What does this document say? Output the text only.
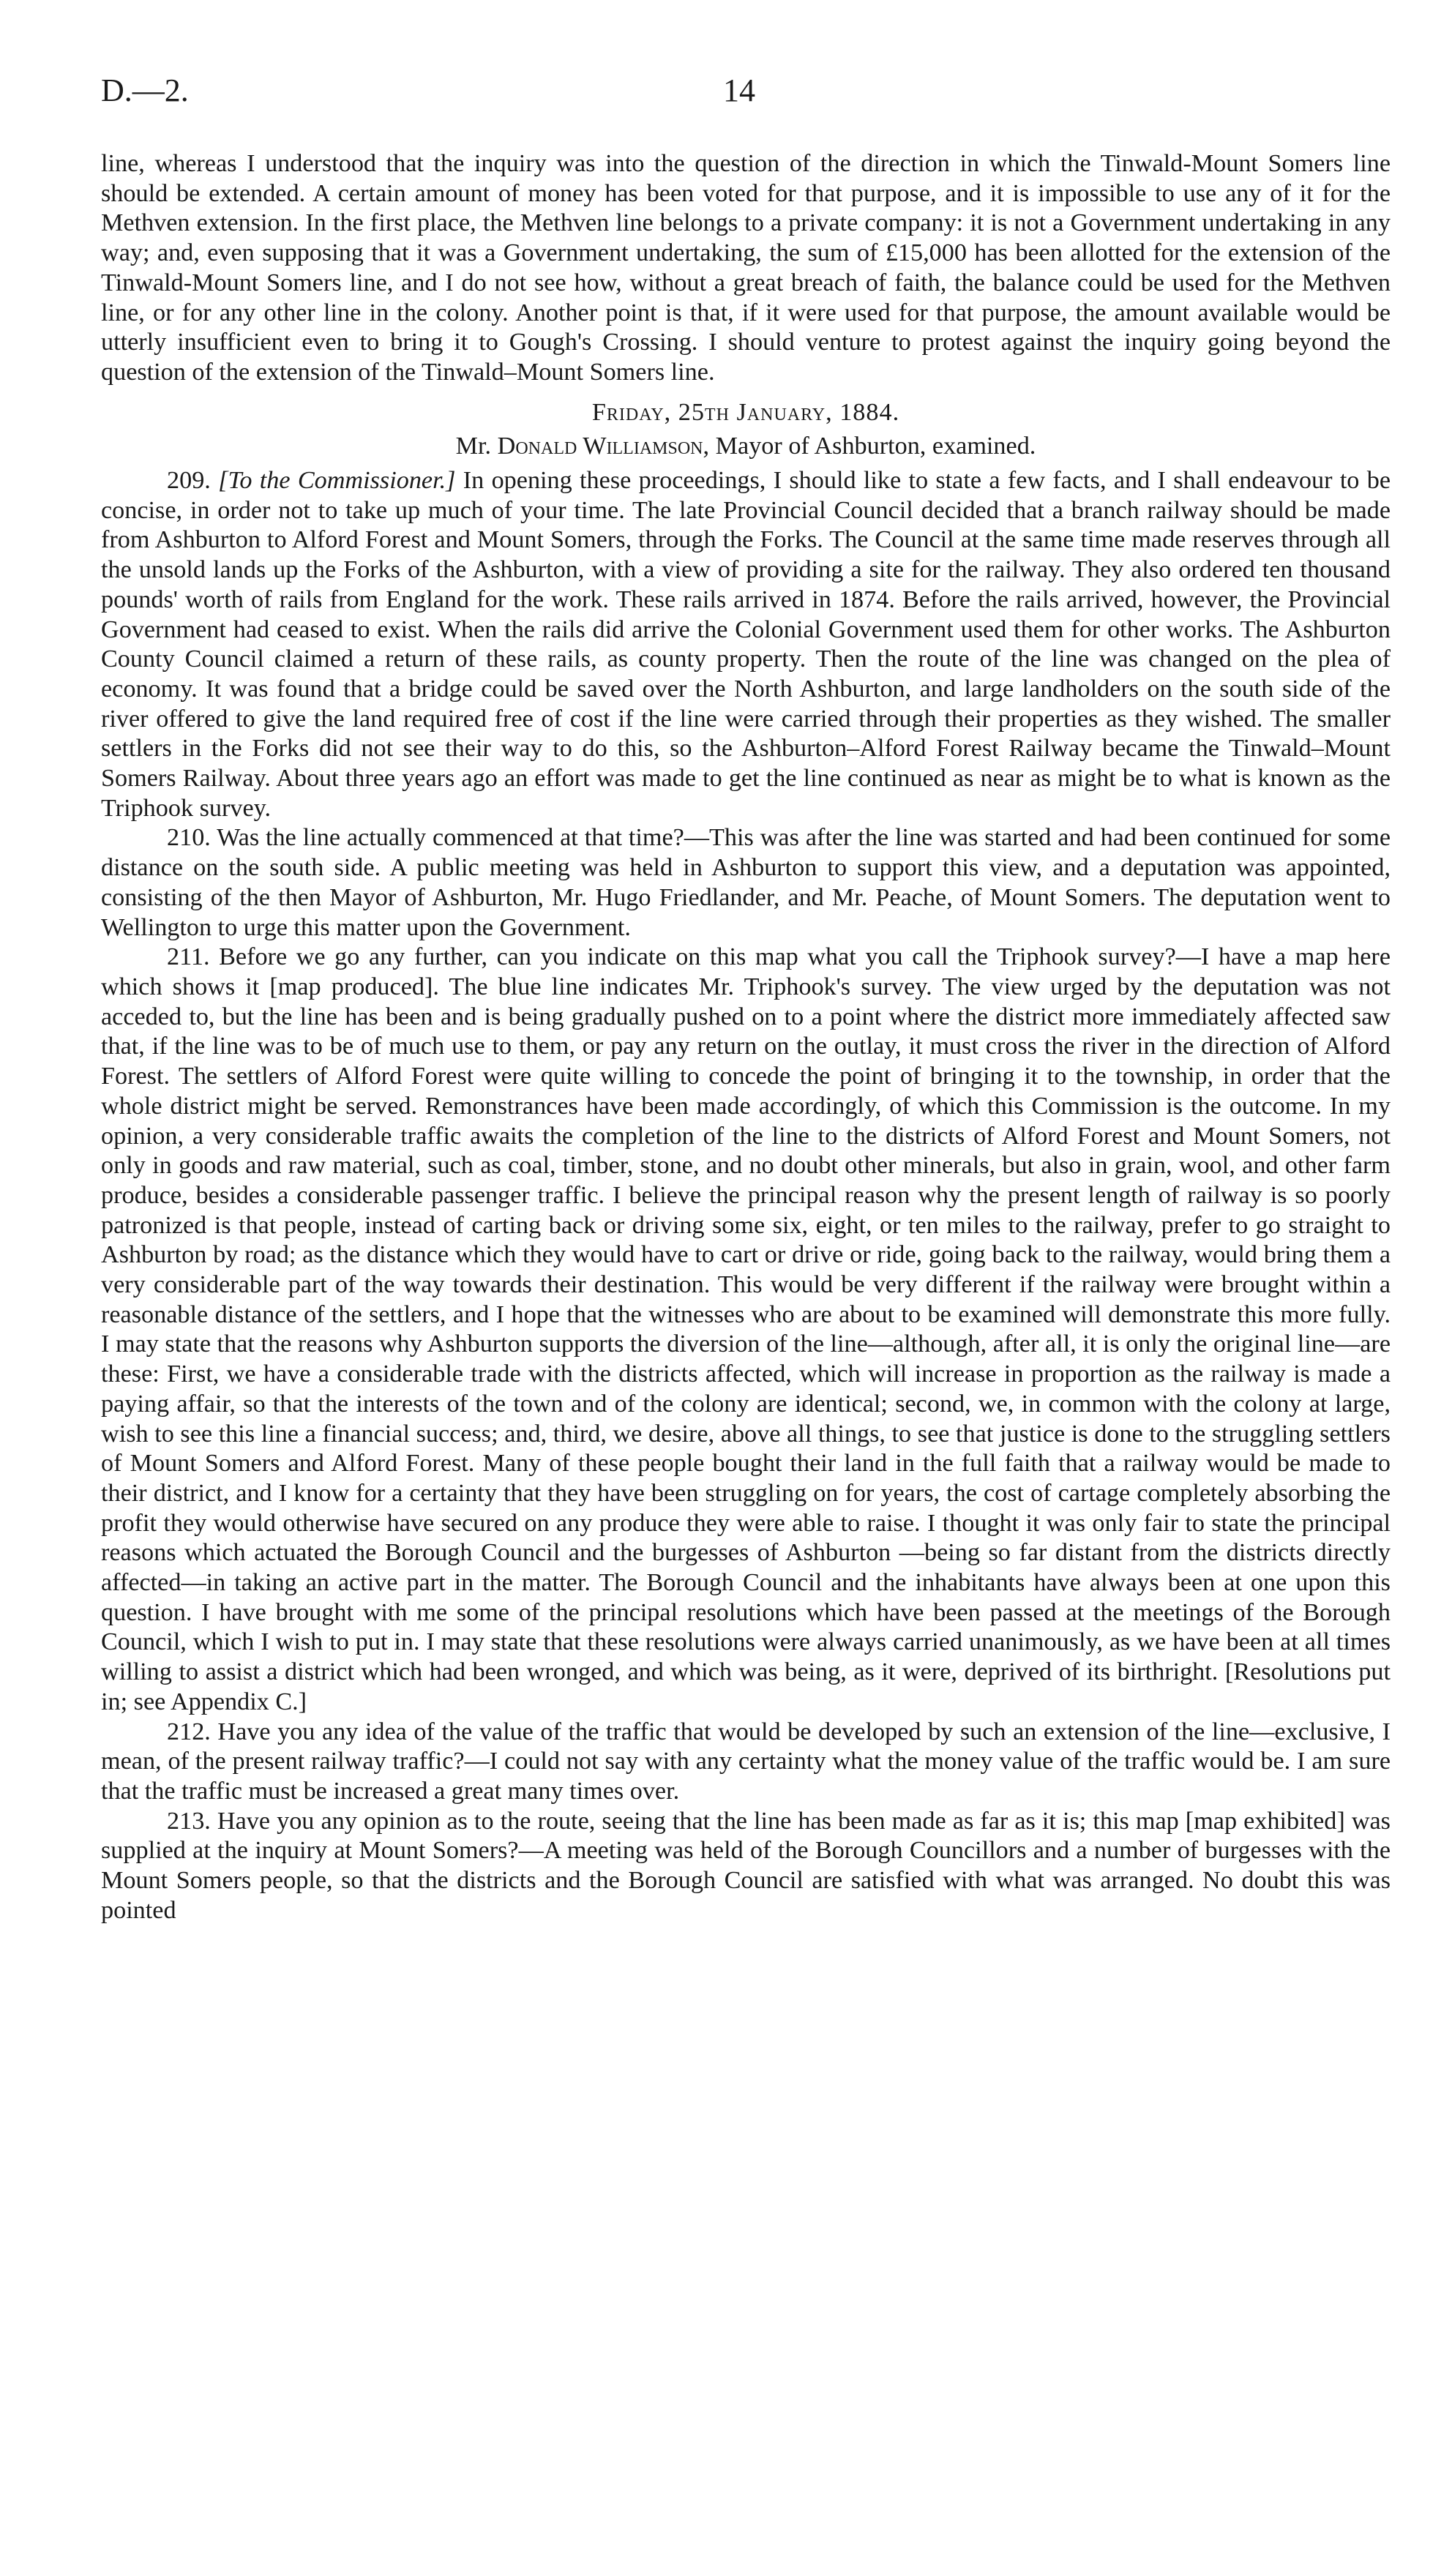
D.—2.	14

line, whereas I understood that the inquiry was into the question of the direction in which the Tinwald-Mount Somers line should be extended. A certain amount of money has been voted for that purpose, and it is impossible to use any of it for the Methven extension. In the first place, the Methven line belongs to a private company: it is not a Government undertaking in any way; and, even supposing that it was a Government undertaking, the sum of £15,000 has been allotted for the extension of the Tinwald-Mount Somers line, and I do not see how, without a great breach of faith, the balance could be used for the Methven line, or for any other line in the colony. Another point is that, if it were used for that purpose, the amount available would be utterly insufficient even to bring it to Gough's Crossing. I should venture to protest against the inquiry going beyond the question of the extension of the Tinwald–Mount Somers line.

Friday, 25th January, 1884.

Mr. Donald Williamson, Mayor of Ashburton, examined.

209. [To the Commissioner.] In opening these proceedings, I should like to state a few facts, and I shall endeavour to be concise, in order not to take up much of your time. The late Provincial Council decided that a branch railway should be made from Ashburton to Alford Forest and Mount Somers, through the Forks. The Council at the same time made reserves through all the unsold lands up the Forks of the Ashburton, with a view of providing a site for the railway. They also ordered ten thousand pounds' worth of rails from England for the work. These rails arrived in 1874. Before the rails arrived, however, the Provincial Government had ceased to exist. When the rails did arrive the Colonial Government used them for other works. The Ashburton County Council claimed a return of these rails, as county property. Then the route of the line was changed on the plea of economy. It was found that a bridge could be saved over the North Ashburton, and large landholders on the south side of the river offered to give the land required free of cost if the line were carried through their properties as they wished. The smaller settlers in the Forks did not see their way to do this, so the Ashburton–Alford Forest Railway became the Tinwald–Mount Somers Railway. About three years ago an effort was made to get the line continued as near as might be to what is known as the Triphook survey.

210. Was the line actually commenced at that time?—This was after the line was started and had been continued for some distance on the south side. A public meeting was held in Ashburton to support this view, and a deputation was appointed, consisting of the then Mayor of Ashburton, Mr. Hugo Friedlander, and Mr. Peache, of Mount Somers. The deputation went to Wellington to urge this matter upon the Government.

211. Before we go any further, can you indicate on this map what you call the Triphook survey?—I have a map here which shows it [map produced]. The blue line indicates Mr. Triphook's survey. The view urged by the deputation was not acceded to, but the line has been and is being gradually pushed on to a point where the district more immediately affected saw that, if the line was to be of much use to them, or pay any return on the outlay, it must cross the river in the direction of Alford Forest. The settlers of Alford Forest were quite willing to concede the point of bringing it to the township, in order that the whole district might be served. Remonstrances have been made accordingly, of which this Commission is the outcome. In my opinion, a very considerable traffic awaits the completion of the line to the districts of Alford Forest and Mount Somers, not only in goods and raw material, such as coal, timber, stone, and no doubt other minerals, but also in grain, wool, and other farm produce, besides a considerable passenger traffic. I believe the principal reason why the present length of railway is so poorly patronized is that people, instead of carting back or driving some six, eight, or ten miles to the railway, prefer to go straight to Ashburton by road; as the distance which they would have to cart or drive or ride, going back to the railway, would bring them a very considerable part of the way towards their destination. This would be very different if the railway were brought within a reasonable distance of the settlers, and I hope that the witnesses who are about to be examined will demonstrate this more fully. I may state that the reasons why Ashburton supports the diversion of the line—although, after all, it is only the original line—are these: First, we have a considerable trade with the districts affected, which will increase in proportion as the railway is made a paying affair, so that the interests of the town and of the colony are identical; second, we, in common with the colony at large, wish to see this line a financial success; and, third, we desire, above all things, to see that justice is done to the struggling settlers of Mount Somers and Alford Forest. Many of these people bought their land in the full faith that a railway would be made to their district, and I know for a certainty that they have been struggling on for years, the cost of cartage completely absorbing the profit they would otherwise have secured on any produce they were able to raise. I thought it was only fair to state the principal reasons which actuated the Borough Council and the burgesses of Ashburton —being so far distant from the districts directly affected—in taking an active part in the matter. The Borough Council and the inhabitants have always been at one upon this question. I have brought with me some of the principal resolutions which have been passed at the meetings of the Borough Council, which I wish to put in. I may state that these resolutions were always carried unanimously, as we have been at all times willing to assist a district which had been wronged, and which was being, as it were, deprived of its birthright. [Resolutions put in; see Appendix C.]

212. Have you any idea of the value of the traffic that would be developed by such an extension of the line—exclusive, I mean, of the present railway traffic?—I could not say with any certainty what the money value of the traffic would be. I am sure that the traffic must be increased a great many times over.

213. Have you any opinion as to the route, seeing that the line has been made as far as it is; this map [map exhibited] was supplied at the inquiry at Mount Somers?—A meeting was held of the Borough Councillors and a number of burgesses with the Mount Somers people, so that the districts and the Borough Council are satisfied with what was arranged. No doubt this was pointed
